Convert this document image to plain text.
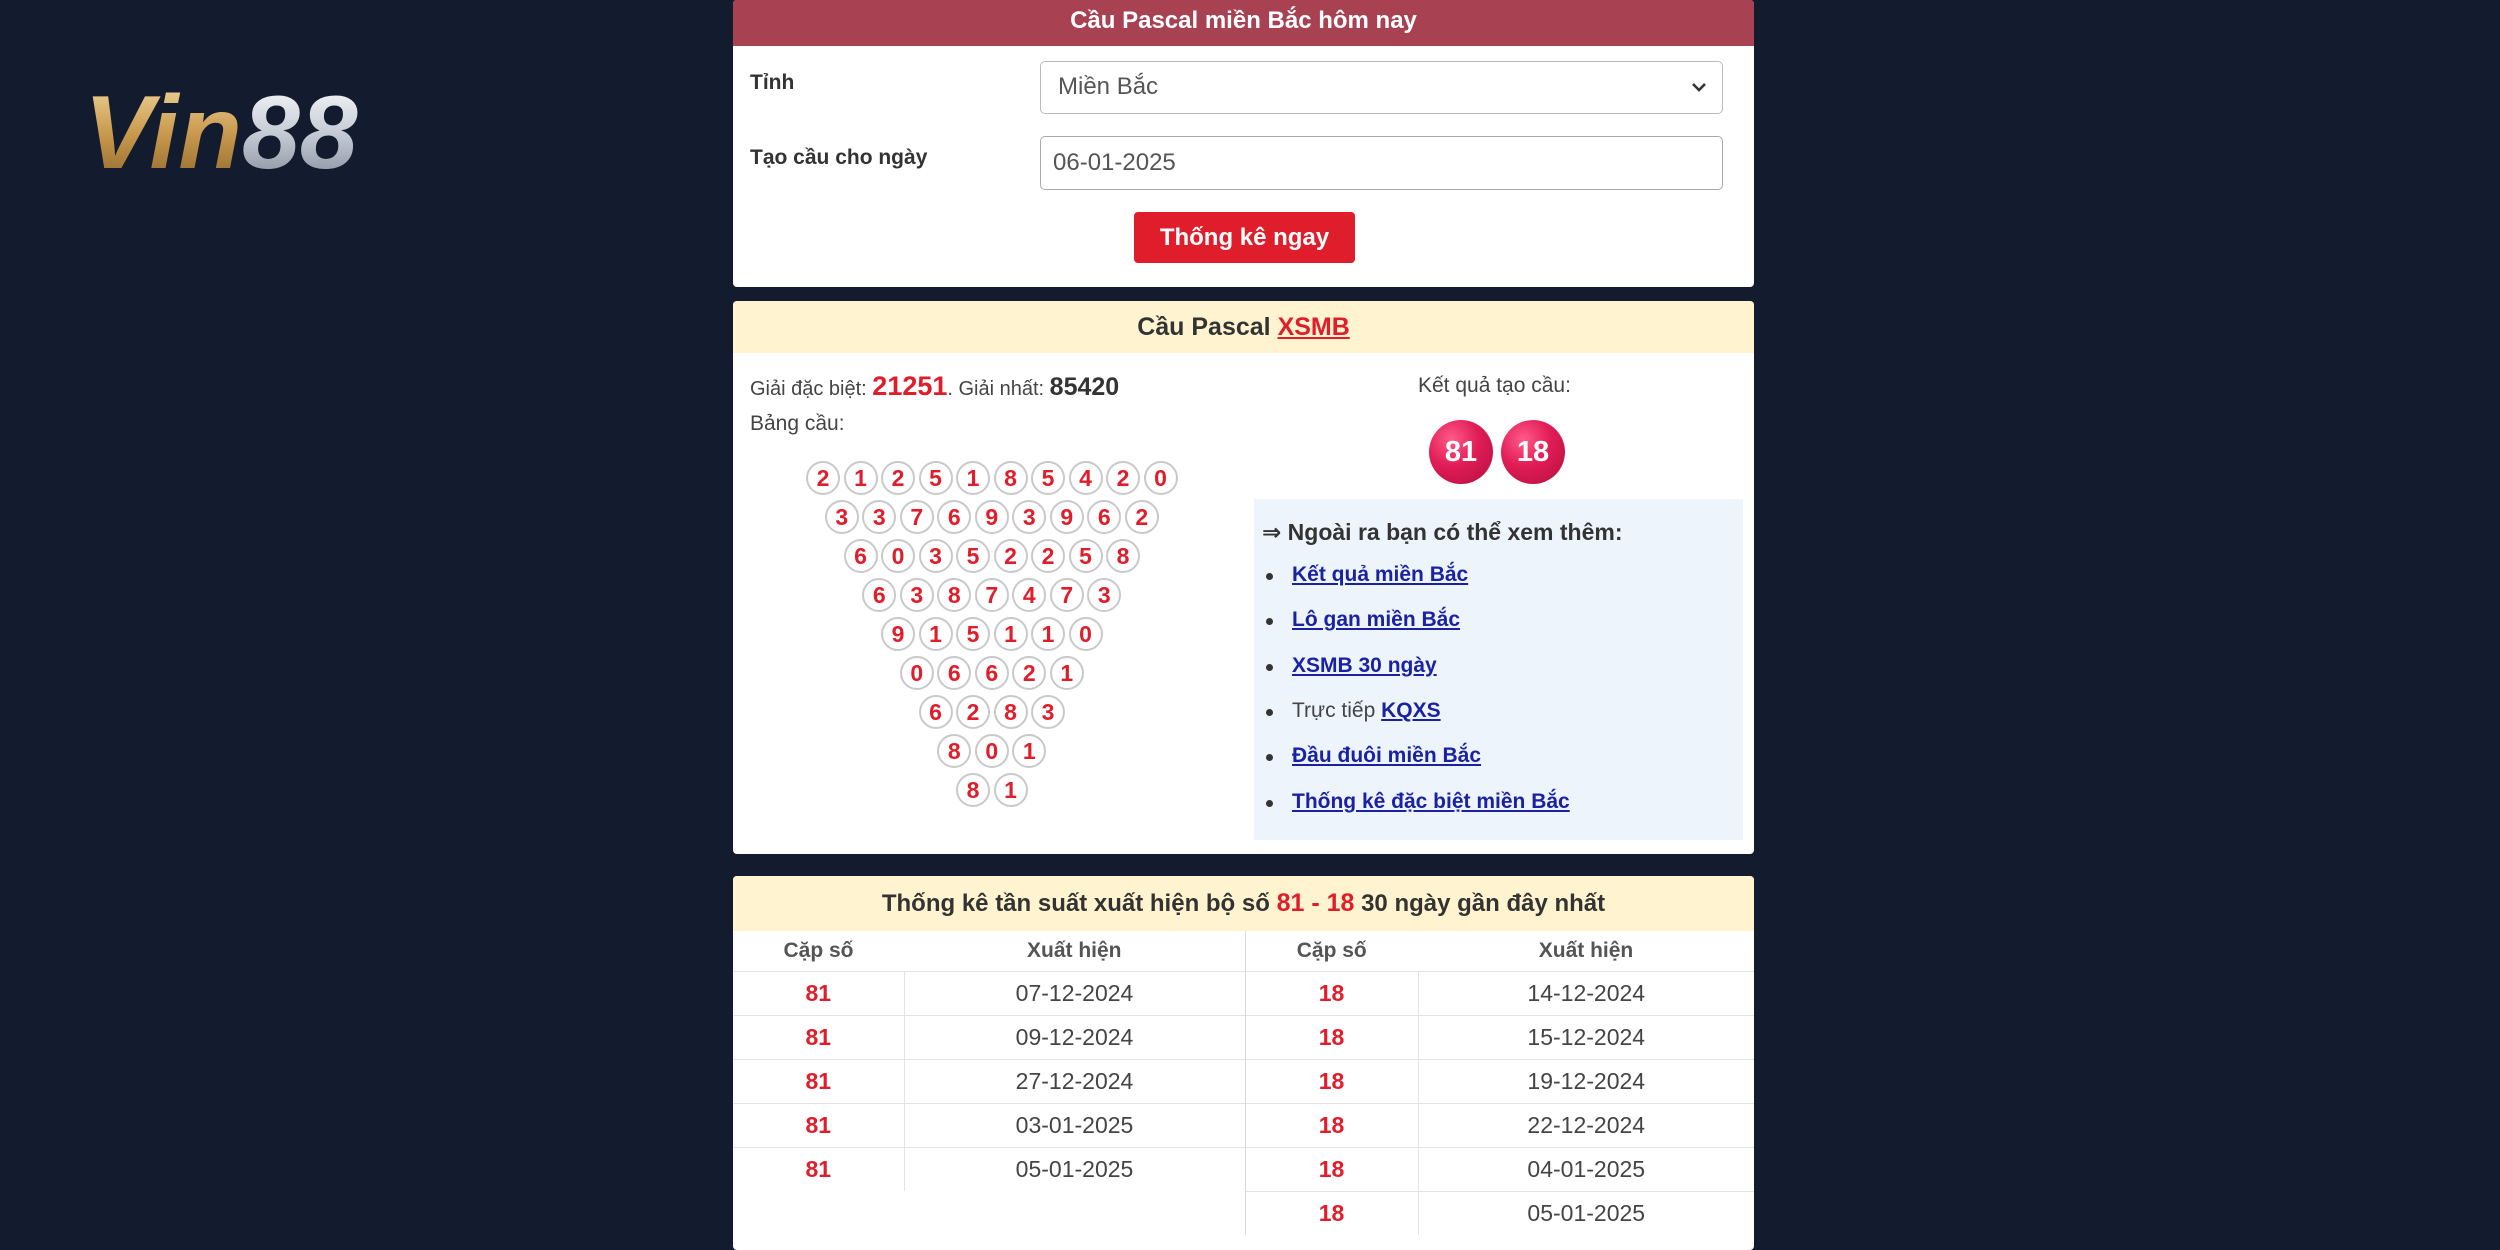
Vin88
Cầu Pascal miền Bắc hôm nay
Tỉnh	Miền Bắc
Tạo cầu cho ngày	06-01-2025
Thống kê ngay
Cầu Pascal XSMB
Giải đặc biệt: 21251. Giải nhất: 85420
Bảng cầu:
2	1	2	5	1	8	5	4	2	0
3	3	7	6	9	3	9	6	2
6	0	3	5	2	2	5	8
6	3	8	7	4	7	3
9	1	5	1	1	0
0	6	6	2	1
6	2	8	3
8	0	1
8	1
Kết quả tạo cầu:
81	18
⇒ Ngoài ra bạn có thể xem thêm:
Kết quả miền Bắc
Lô gan miền Bắc
XSMB 30 ngày
Trực tiếp KQXS
Đầu đuôi miền Bắc
Thống kê đặc biệt miền Bắc
Thống kê tần suất xuất hiện bộ số 81 - 18 30 ngày gần đây nhất
Cặp số	Xuất hiện	Cặp số	Xuất hiện
81	07-12-2024	18	14-12-2024
81	09-12-2024	18	15-12-2024
81	27-12-2024	18	19-12-2024
81	03-01-2025	18	22-12-2024
81	05-01-2025	18	04-01-2025
		18	05-01-2025
